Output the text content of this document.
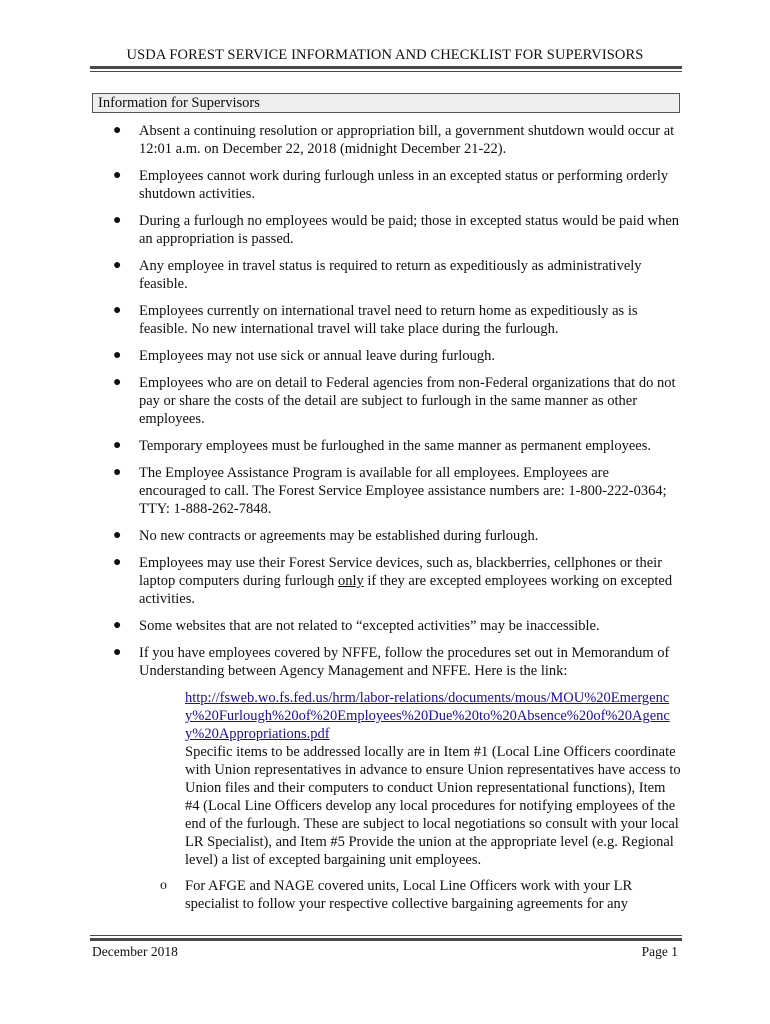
USDA FOREST SERVICE INFORMATION AND CHECKLIST FOR SUPERVISORS
Information for Supervisors
● Absent a continuing resolution or appropriation bill, a government shutdown would occur at 12:01 a.m. on December 22, 2018 (midnight December 21-22).
● Employees cannot work during furlough unless in an excepted status or performing orderly shutdown activities.
● During a furlough no employees would be paid; those in excepted status would be paid when an appropriation is passed.
● Any employee in travel status is required to return as expeditiously as administratively feasible.
● Employees currently on international travel need to return home as expeditiously as is feasible. No new international travel will take place during the furlough.
● Employees may not use sick or annual leave during furlough.
● Employees who are on detail to Federal agencies from non-Federal organizations that do not pay or share the costs of the detail are subject to furlough in the same manner as other employees.
● Temporary employees must be furloughed in the same manner as permanent employees.
● The Employee Assistance Program is available for all employees. Employees are encouraged to call. The Forest Service Employee assistance numbers are: 1-800-222-0364; TTY: 1-888-262-7848.
● No new contracts or agreements may be established during furlough.
● Employees may use their Forest Service devices, such as, blackberries, cellphones or their laptop computers during furlough only if they are excepted employees working on excepted activities.
● Some websites that are not related to “excepted activities” may be inaccessible.
● If you have employees covered by NFFE, follow the procedures set out in Memorandum of Understanding between Agency Management and NFFE. Here is the link:
http://fsweb.wo.fs.fed.us/hrm/labor-relations/documents/mous/MOU%20Emergency%20Furlough%20of%20Employees%20Due%20to%20Absence%20of%20Agency%20Appropriations.pdf
Specific items to be addressed locally are in Item #1 (Local Line Officers coordinate with Union representatives in advance to ensure Union representatives have access to Union files and their computers to conduct Union representational functions), Item #4 (Local Line Officers develop any local procedures for notifying employees of the end of the furlough. These are subject to local negotiations so consult with your local LR Specialist), and Item #5 Provide the union at the appropriate level (e.g. Regional level) a list of excepted bargaining unit employees.
o For AFGE and NAGE covered units, Local Line Officers work with your LR specialist to follow your respective collective bargaining agreements for any
December 2018	Page 1
